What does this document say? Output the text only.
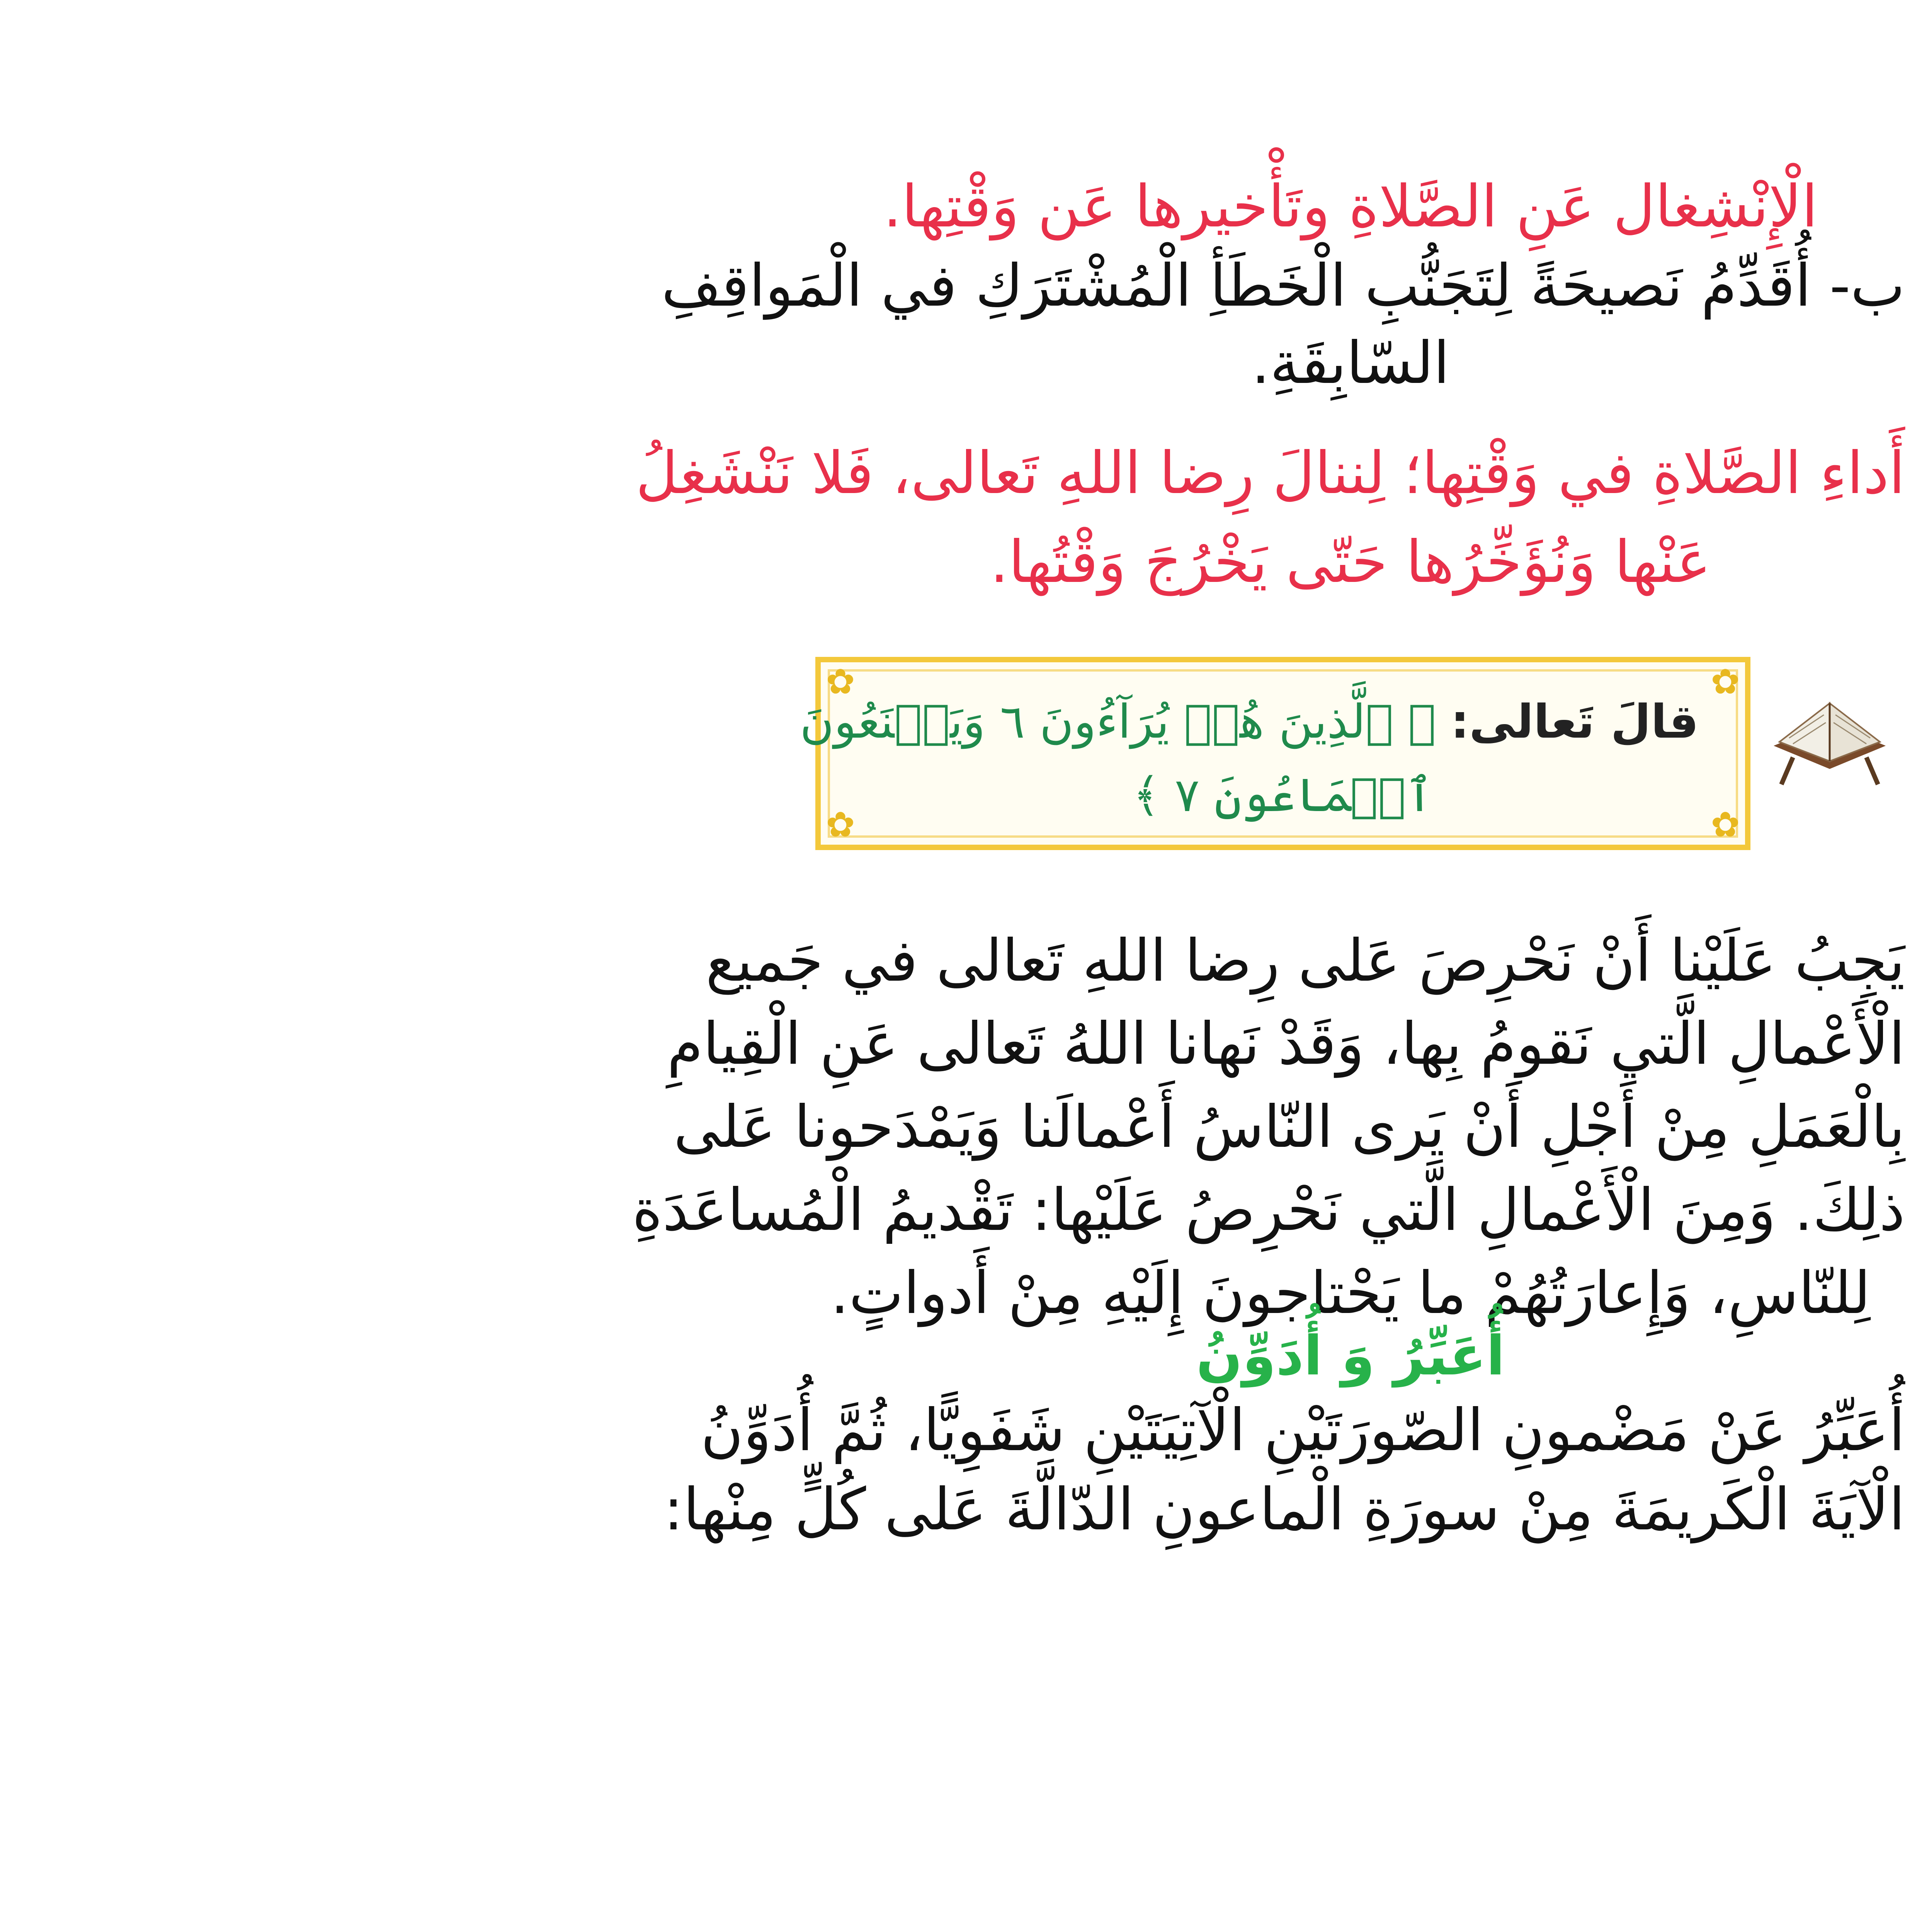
الْإِنْشِغال عَنِ الصَّلاةِ وتَأْخيرها عَن وَقْتِها.
ب- أُقَدِّمُ نَصيحَةً لِتَجَنُّبِ الْخَطَأِ الْمُشْتَرَكِ في الْمَواقِفِ
السّابِقَةِ.
أَداءِ الصَّلاةِ في وَقْتِها؛ لِننالَ رِضا اللهِ تَعالى، فَلا نَنْشَغِلُ
عَنْها وَنُؤَخِّرُها حَتّى يَخْرُجَ وَقْتُها.
✿	✿
✿	✿
قالَ تَعالى: ﴿ ٱلَّذِينَ هُمۡ يُرَآءُونَ ٦ وَيَمۡنَعُونَ
ٱلۡمَاعُونَ ٧ ﴾
يَجِبُ عَلَيْنا أَنْ نَحْرِصَ عَلى رِضا اللهِ تَعالى في جَميع
الْأَعْمالِ الَّتي نَقومُ بِها، وَقَدْ نَهانا اللهُ تَعالى عَنِ الْقِيامِ
بِالْعَمَلِ مِنْ أَجْلِ أَنْ يَرى النّاسُ أَعْمالَنا وَيَمْدَحونا عَلى
ذلِكَ. وَمِنَ الْأَعْمالِ الَّتي نَحْرِصُ عَلَيْها: تَقْديمُ الْمُساعَدَةِ
لِلنّاسِ، وَإِعارَتُهُمْ ما يَحْتاجونَ إِلَيْهِ مِنْ أَدواتٍ.
أُعَبِّرُ وَ أُدَوِّنُ
أُعَبِّرُ عَنْ مَضْمونِ الصّورَتَيْنِ الْآتِيَتَيْنِ شَفَوِيًّا، ثُمَّ أُدَوِّنُ
الْآيَةَ الْكَريمَةَ مِنْ سورَةِ الْماعونِ الدّالَّةَ عَلى كُلٍّ مِنْها:
